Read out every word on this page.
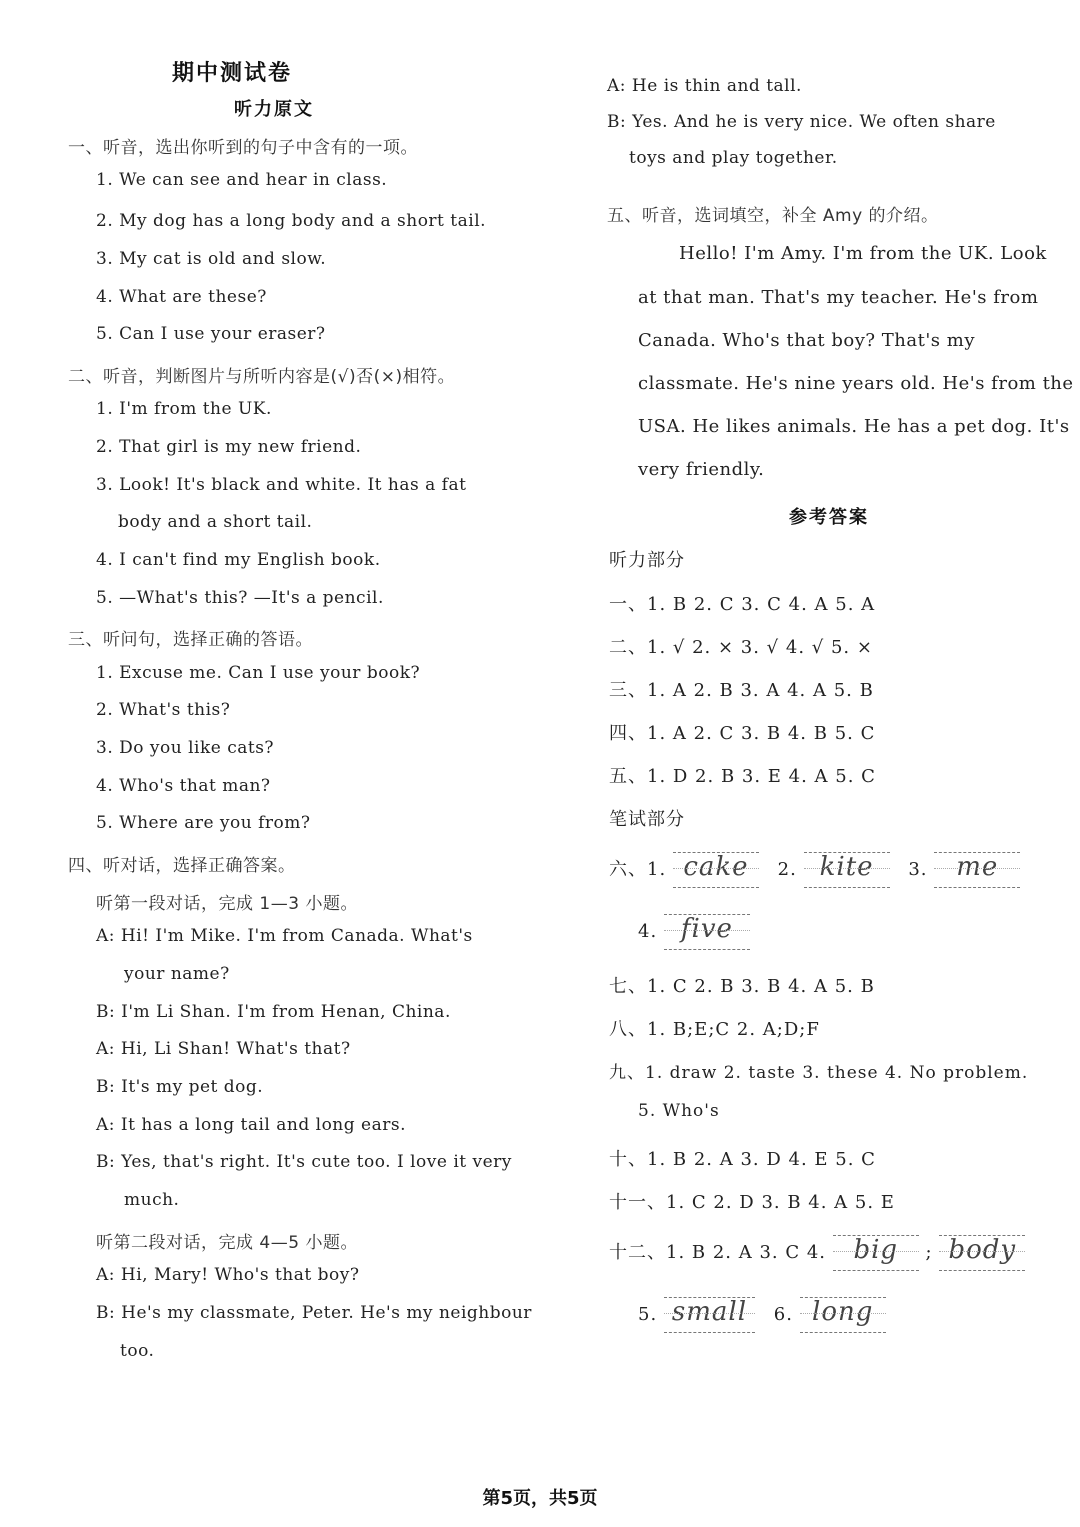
期中测试卷
听力原文
一、听音，选出你听到的句子中含有的一项。
1. We can see and hear in class.
2. My dog has a long body and a short tail.
3. My cat is old and slow.
4. What are these?
5. Can I use your eraser?
二、听音，判断图片与所听内容是(√)否(×)相符。
1. I'm from the UK.
2. That girl is my new friend.
3. Look! It's black and white. It has a fat
body and a short tail.
4. I can't find my English book.
5. —What's this? —It's a pencil.
三、听问句，选择正确的答语。
1. Excuse me. Can I use your book?
2. What's this?
3. Do you like cats?
4. Who's that man?
5. Where are you from?
四、听对话，选择正确答案。
听第一段对话，完成 1—3 小题。
A: Hi! I'm Mike. I'm from Canada. What's
your name?
B: I'm Li Shan. I'm from Henan, China.
A: Hi, Li Shan! What's that?
B: It's my pet dog.
A: It has a long tail and long ears.
B: Yes, that's right. It's cute too. I love it very
much.
听第二段对话，完成 4—5 小题。
A: Hi, Mary! Who's that boy?
B: He's my classmate, Peter. He's my neighbour
too.
A: He is thin and tall.
B: Yes. And he is very nice. We often share
toys and play together.
五、听音，选词填空，补全 Amy 的介绍。
Hello! I'm Amy. I'm from the UK. Look
at that man. That's my teacher. He's from
Canada. Who's that boy? That's my
classmate. He's nine years old. He's from the
USA. He likes animals. He has a pet dog. It's
very friendly.
参考答案
听力部分
一、1. B 2. C 3. C 4. A 5. A
二、1. √ 2. × 3. √ 4. √ 5. ×
三、1. A 2. B 3. A 4. A 5. B
四、1. A 2. C 3. B 4. B 5. C
五、1. D 2. B 3. E 4. A 5. C
笔试部分
六、1. cake 2. kite 3. me
4. five
七、1. C 2. B 3. B 4. A 5. B
八、1. B;E;C 2. A;D;F
九、1. draw 2. taste 3. these 4. No problem.
5. Who's
十、1. B 2. A 3. D 4. E 5. C
十一、1. C 2. D 3. B 4. A 5. E
十二、1. B 2. A 3. C 4. big ; body
5. small 6. long
第5页，共5页
